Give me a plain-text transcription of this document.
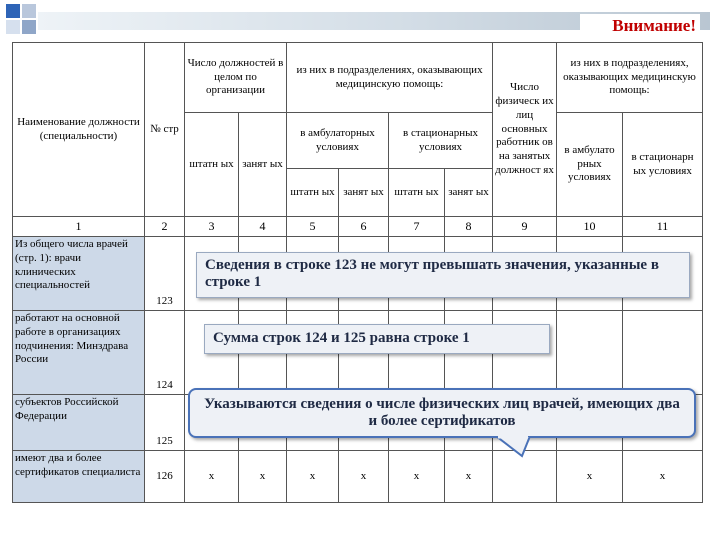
Внимание!
Наименование должности (специальности)	№ стр	Число должностей в целом по организации		из них в подразделениях, оказывающих медицинскую помощь:				Число физическ их лиц основных работник ов на занятых должност ях	из них в подразделениях, оказывающих медицинскую помощь:	
		штатн ых	занят ых	в амбулаторных условиях		в стационарных условиях			в амбулато рных условиях	в стационарн ых условиях
				штатн ых	занят ых	штатн ых	занят ых			
1	2	3	4	5	6	7	8	9	10	11
Из общего числа врачей (стр. 1): врачи клинических специальностей	123									
работают на основной работе в организациях подчинения: Минздрава России	124									
субъектов Российской Федерации	125									
имеют два и более сертификатов специалиста	126	х	х	х	х	х	х		х	х
Сведения в строке 123 не могут превышать значения, указанные в строке 1
Сумма строк 124 и 125 равна строке 1
Указываются сведения о числе физических лиц врачей, имеющих два и более сертификатов
